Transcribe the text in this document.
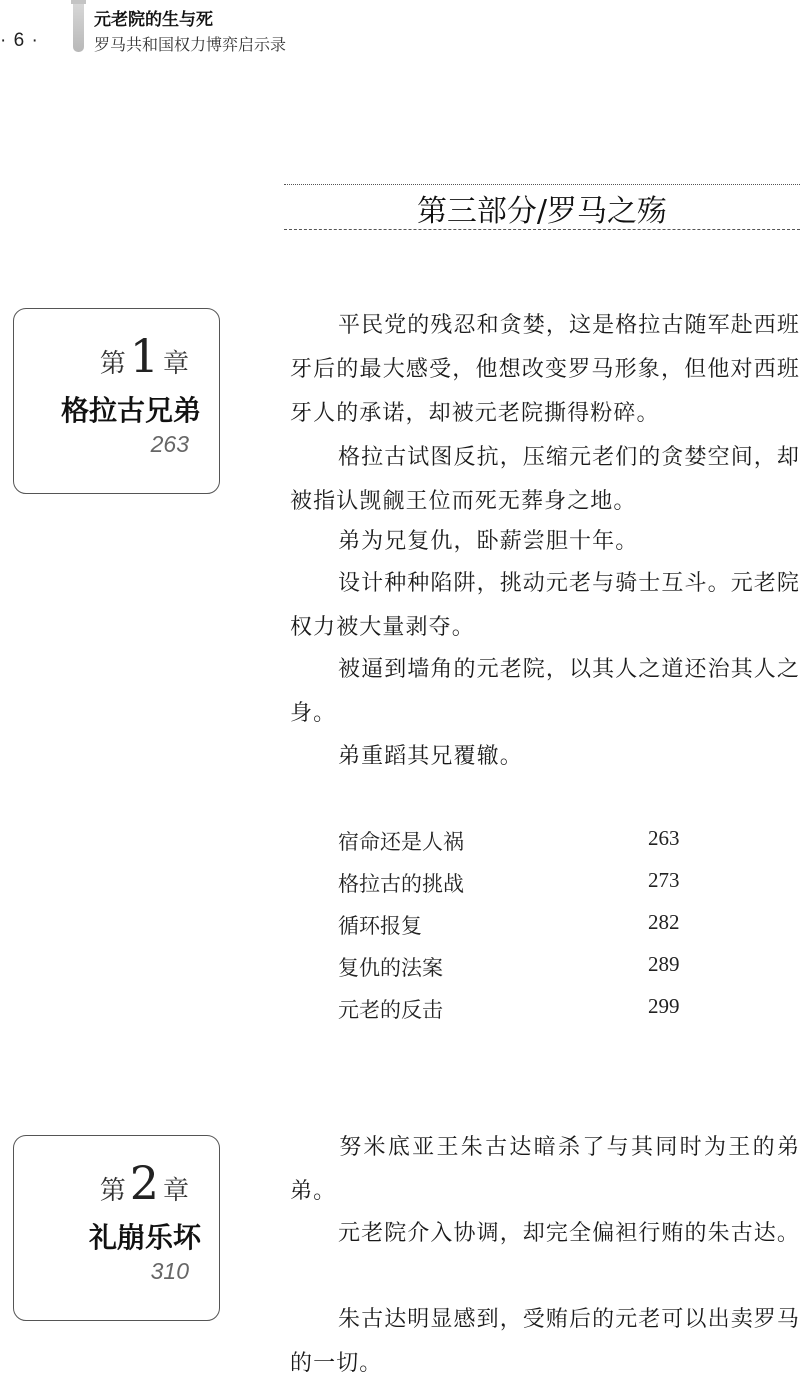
· 6 ·
元老院的生与死
罗马共和国权力博弈启示录
第三部分/罗马之殇
第1 章
格拉古兄弟
263

平民党的残忍和贪婪，这是格拉古随军赴西班牙后的最大感受，他想改变罗马形象，但他对西班牙人的承诺，却被元老院撕得粉碎。

格拉古试图反抗，压缩元老们的贪婪空间，却被指认觊觎王位而死无葬身之地。

弟为兄复仇，卧薪尝胆十年。

设计种种陷阱，挑动元老与骑士互斗。元老院权力被大量剥夺。

被逼到墙角的元老院，以其人之道还治其人之身。

弟重蹈其兄覆辙。

宿命还是人祸	263
格拉古的挑战	273
循环报复	282
复仇的法案	289
元老的反击	299
第2 章
礼崩乐坏
310

努米底亚王朱古达暗杀了与其同时为王的弟弟。

元老院介入协调，却完全偏袒行贿的朱古达。

朱古达明显感到，受贿后的元老可以出卖罗马的一切。
